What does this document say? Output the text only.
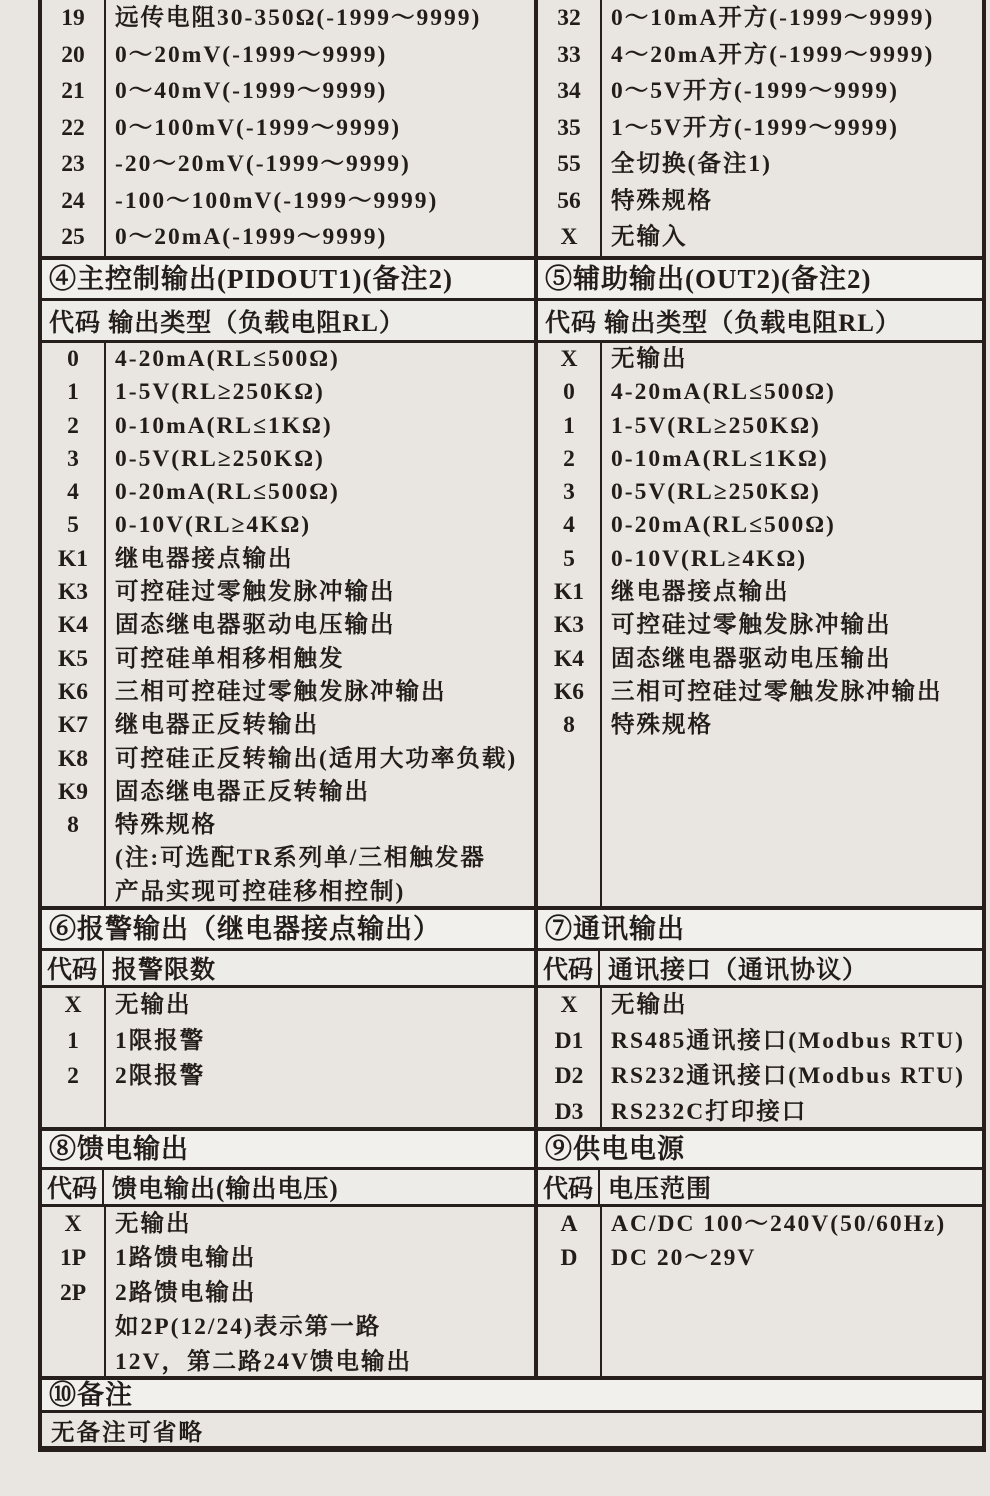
19	远传电阻30-350Ω(-1999～9999)
20	0～20mV(-1999～9999)
21	0～40mV(-1999～9999)
22	0～100mV(-1999～9999)
23	-20～20mV(-1999～9999)
24	-100～100mV(-1999～9999)
25	0～20mA(-1999～9999)
32	0～10mA开方(-1999～9999)
33	4～20mA开方(-1999～9999)
34	0～5V开方(-1999～9999)
35	1～5V开方(-1999～9999)
55	全切换(备注1)
56	特殊规格
X	无输入
④主控制输出(PIDOUT1)(备注2)	⑤辅助输出(OUT2)(备注2)
代码 输出类型（负载电阻RL）	代码 输出类型（负载电阻RL）
0	4-20mA(RL≤500Ω)
1	1-5V(RL≥250KΩ)
2	0-10mA(RL≤1KΩ)
3	0-5V(RL≥250KΩ)
4	0-20mA(RL≤500Ω)
5	0-10V(RL≥4KΩ)
K1	继电器接点输出
K3	可控硅过零触发脉冲输出
K4	固态继电器驱动电压输出
K5	可控硅单相移相触发
K6	三相可控硅过零触发脉冲输出
K7	继电器正反转输出
K8	可控硅正反转输出(适用大功率负载)
K9	固态继电器正反转输出
8	特殊规格
(注:可选配TR系列单/三相触发器
产品实现可控硅移相控制)
X	无输出
0	4-20mA(RL≤500Ω)
1	1-5V(RL≥250KΩ)
2	0-10mA(RL≤1KΩ)
3	0-5V(RL≥250KΩ)
4	0-20mA(RL≤500Ω)
5	0-10V(RL≥4KΩ)
K1	继电器接点输出
K3	可控硅过零触发脉冲输出
K4	固态继电器驱动电压输出
K6	三相可控硅过零触发脉冲输出
8	特殊规格
⑥报警输出（继电器接点输出）	⑦通讯输出
代码 报警限数	代码 通讯接口（通讯协议）
X	无输出
1	1限报警
2	2限报警
X	无输出
D1	RS485通讯接口(Modbus RTU)
D2	RS232通讯接口(Modbus RTU)
D3	RS232C打印接口
⑧馈电输出	⑨供电电源
代码 馈电输出(输出电压)	代码 电压范围
X	无输出
1P	1路馈电输出
2P	2路馈电输出
如2P(12/24)表示第一路
12V，第二路24V馈电输出
A	AC/DC 100～240V(50/60Hz)
D	DC 20～29V
⑩备注
无备注可省略
